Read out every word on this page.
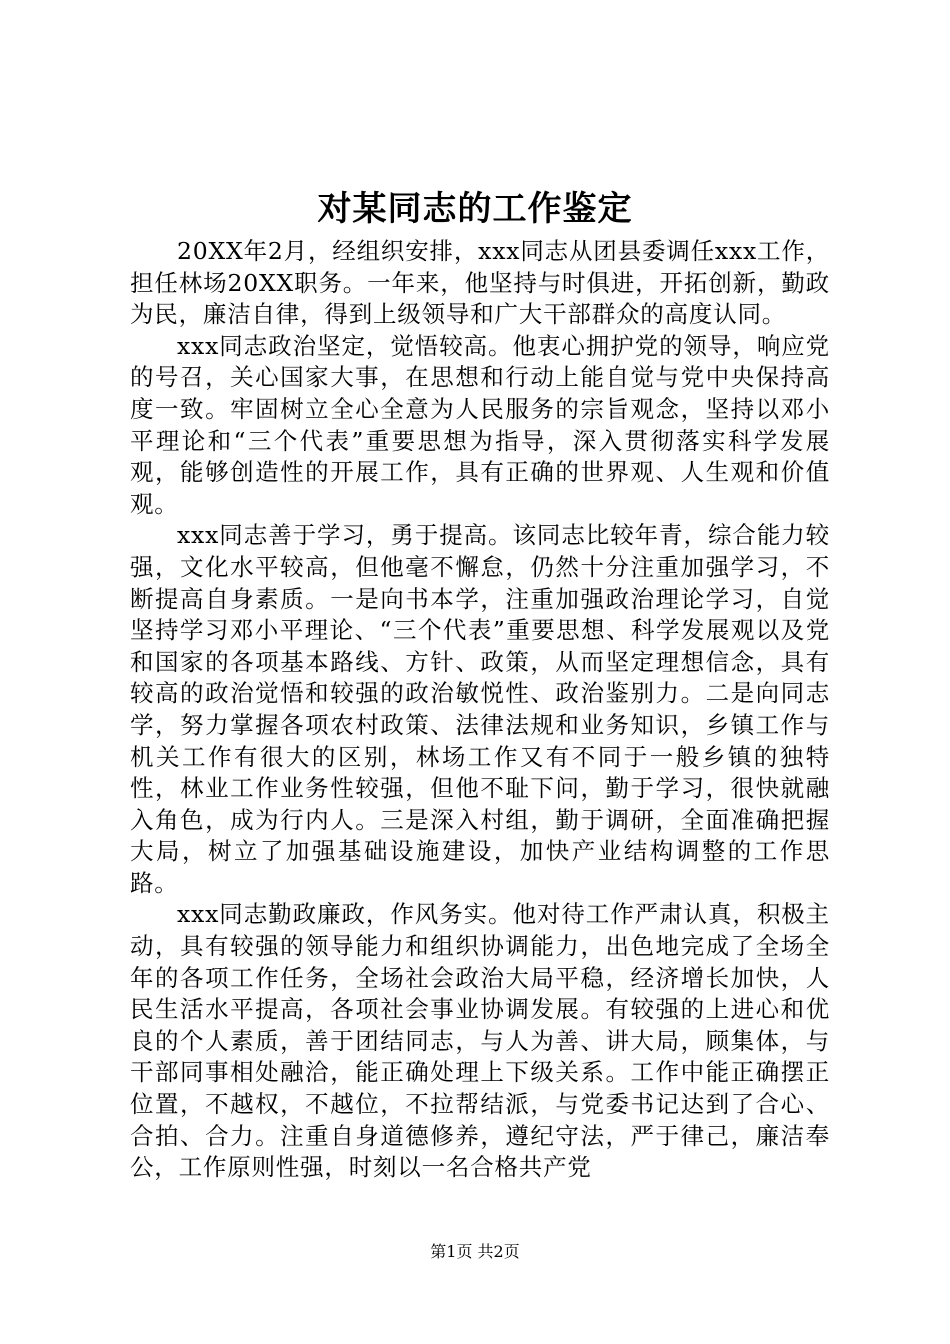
对某同志的工作鉴定

20XX年2月，经组织安排，xxx同志从团县委调任xxx工作，担任林场20XX职务。一年来，他坚持与时俱进，开拓创新，勤政为民，廉洁自律，得到上级领导和广大干部群众的高度认同。

xxx同志政治坚定，觉悟较高。他衷心拥护党的领导，响应党的号召，关心国家大事，在思想和行动上能自觉与党中央保持高度一致。牢固树立全心全意为人民服务的宗旨观念，坚持以邓小平理论和“三个代表”重要思想为指导，深入贯彻落实科学发展观，能够创造性的开展工作，具有正确的世界观、人生观和价值观。

xxx同志善于学习，勇于提高。该同志比较年青，综合能力较强，文化水平较高，但他毫不懈怠，仍然十分注重加强学习，不断提高自身素质。一是向书本学，注重加强政治理论学习，自觉坚持学习邓小平理论、“三个代表”重要思想、科学发展观以及党和国家的各项基本路线、方针、政策，从而坚定理想信念，具有较高的政治觉悟和较强的政治敏悦性、政治鉴别力。二是向同志学，努力掌握各项农村政策、法律法规和业务知识，乡镇工作与机关工作有很大的区别，林场工作又有不同于一般乡镇的独特性，林业工作业务性较强，但他不耻下问，勤于学习，很快就融入角色，成为行内人。三是深入村组，勤于调研，全面准确把握大局，树立了加强基础设施建设，加快产业结构调整的工作思路。

xxx同志勤政廉政，作风务实。他对待工作严肃认真，积极主动，具有较强的领导能力和组织协调能力，出色地完成了全场全年的各项工作任务，全场社会政治大局平稳，经济增长加快，人民生活水平提高，各项社会事业协调发展。有较强的上进心和优良的个人素质，善于团结同志，与人为善、讲大局，顾集体，与干部同事相处融洽，能正确处理上下级关系。工作中能正确摆正位置，不越权，不越位，不拉帮结派，与党委书记达到了合心、合拍、合力。注重自身道德修养，遵纪守法，严于律己，廉洁奉公，工作原则性强，时刻以一名合格共产党

第1页 共2页
